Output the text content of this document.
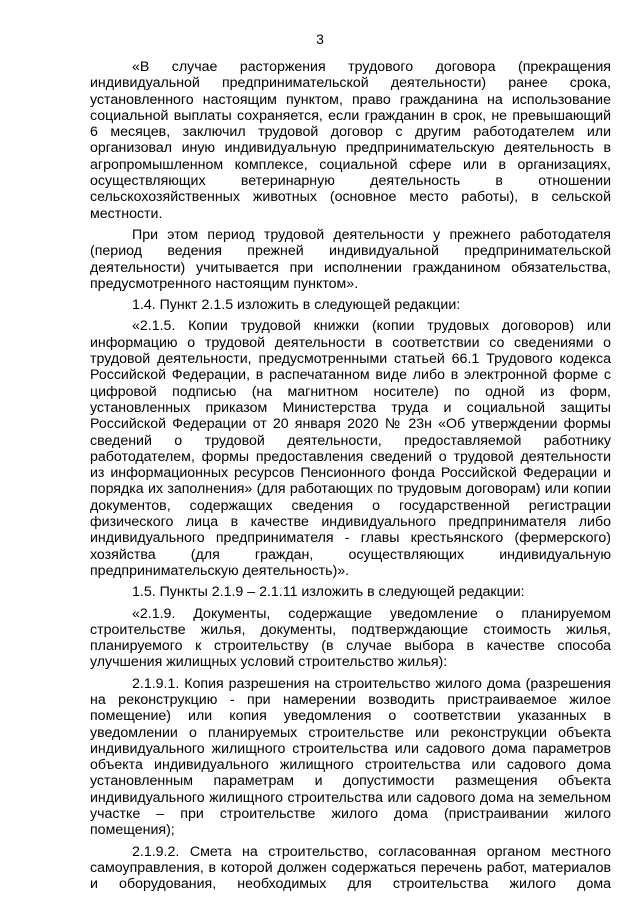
3

«В случае расторжения трудового договора (прекращения индивидуальной предпринимательской деятельности) ранее срока, установленного настоящим пунктом, право гражданина на использование социальной выплаты сохраняется, если гражданин в срок, не превышающий 6 месяцев, заключил трудовой договор с другим работодателем или организовал иную индивидуальную предпринимательскую деятельность в агропромышленном комплексе, социальной сфере или в организациях, осуществляющих ветеринарную деятельность в отношении сельскохозяйственных животных (основное место работы), в сельской местности.

При этом период трудовой деятельности у прежнего работодателя (период ведения прежней индивидуальной предпринимательской деятельности) учитывается при исполнении гражданином обязательства, предусмотренного настоящим пунктом».

1.4. Пункт 2.1.5 изложить в следующей редакции:

«2.1.5. Копии трудовой книжки (копии трудовых договоров) или информацию о трудовой деятельности в соответствии со сведениями о трудовой деятельности, предусмотренными статьей 66.1 Трудового кодекса Российской Федерации, в распечатанном виде либо в электронной форме с цифровой подписью (на магнитном носителе) по одной из форм, установленных приказом Министерства труда и социальной защиты Российской Федерации от 20 января 2020 № 23н «Об утверждении формы сведений о трудовой деятельности, предоставляемой работнику работодателем, формы предоставления сведений о трудовой деятельности из информационных ресурсов Пенсионного фонда Российской Федерации и порядка их заполнения» (для работающих по трудовым договорам) или копии документов, содержащих сведения о государственной регистрации физического лица в качестве индивидуального предпринимателя либо индивидуального предпринимателя - главы крестьянского (фермерского) хозяйства (для граждан, осуществляющих индивидуальную предпринимательскую деятельность)».

1.5. Пункты 2.1.9 – 2.1.11 изложить в следующей редакции:

«2.1.9. Документы, содержащие уведомление о планируемом строительстве жилья, документы, подтверждающие стоимость жилья, планируемого к строительству (в случае выбора в качестве способа улучшения жилищных условий строительство жилья):

2.1.9.1. Копия разрешения на строительство жилого дома (разрешения на реконструкцию - при намерении возводить пристраиваемое жилое помещение) или копия уведомления о соответствии указанных в уведомлении о планируемых строительстве или реконструкции объекта индивидуального жилищного строительства или садового дома параметров объекта индивидуального жилищного строительства или садового дома установленным параметрам и допустимости размещения объекта индивидуального жилищного строительства или садового дома на земельном участке – при строительстве жилого дома (пристраивании жилого помещения);

2.1.9.2. Смета на строительство, согласованная органом местного самоуправления, в которой должен содержаться перечень работ, материалов и оборудования, необходимых для строительства жилого дома
